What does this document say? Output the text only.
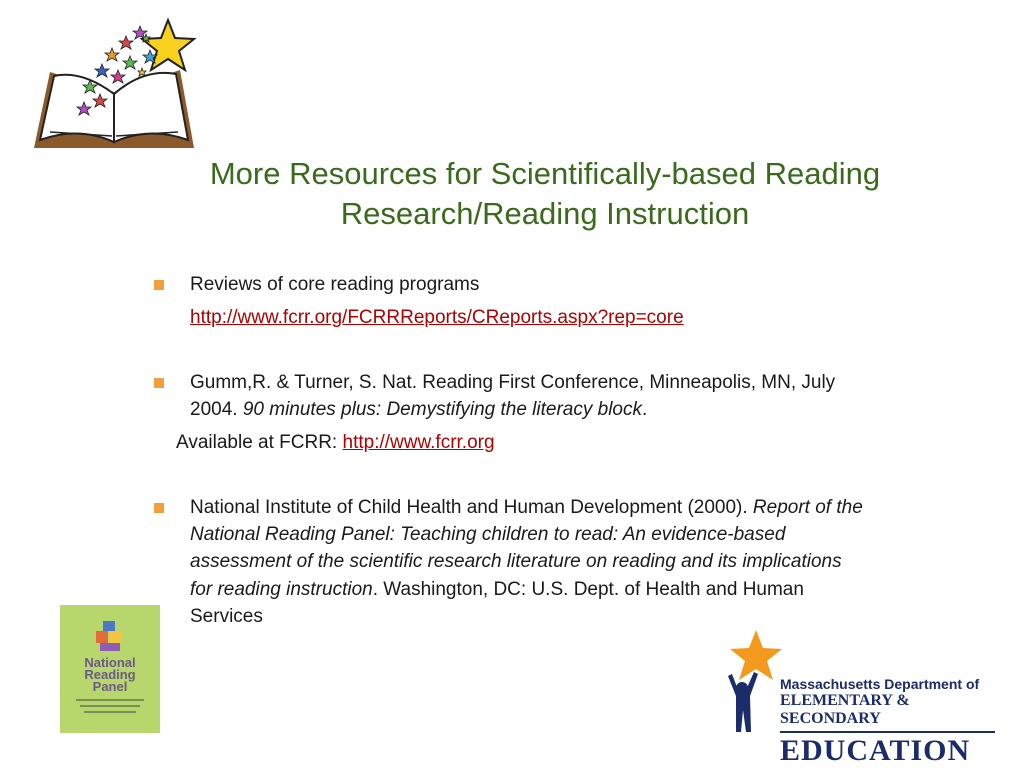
More Resources for Scientifically-based Reading
Research/Reading Instruction
Reviews of core reading programs
http://www.fcrr.org/FCRRReports/CReports.aspx?rep=core
Gumm,R. & Turner, S. Nat. Reading First Conference, Minneapolis, MN, July
2004. 90 minutes plus: Demystifying the literacy block.
Available at FCRR: http://www.fcrr.org
National Institute of Child Health and Human Development (2000). Report of the
National Reading Panel: Teaching children to read: An evidence-based
assessment of the scientific research literature on reading and its implications
for reading instruction. Washington, DC: U.S. Dept. of Health and Human
Services
National
Reading
Panel	Massachusetts Department of
ELEMENTARY & SECONDARY
EDUCATION
